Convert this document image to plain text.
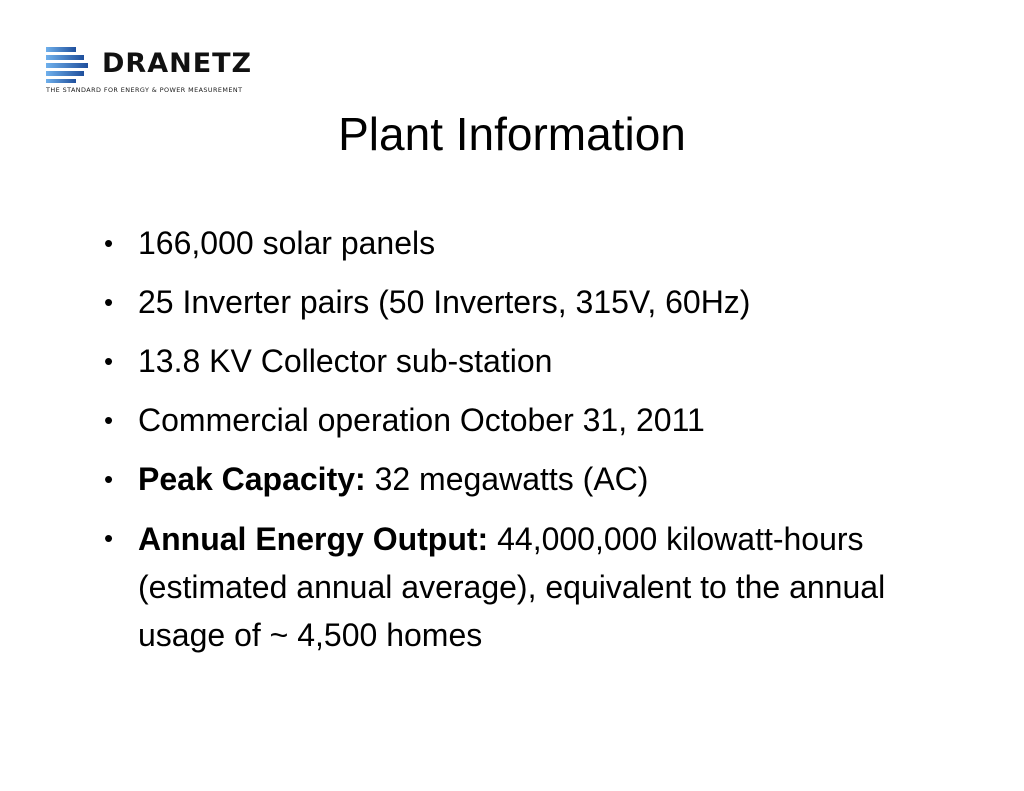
DRANETZ
THE STANDARD FOR ENERGY & POWER MEASUREMENT
Plant Information
• 166,000 solar panels
• 25 Inverter pairs (50 Inverters, 315V, 60Hz)
• 13.8 KV Collector sub-station
• Commercial operation October 31, 2011
• Peak Capacity: 32 megawatts (AC)
• Annual Energy Output: 44,000,000 kilowatt-hours (estimated annual average), equivalent to the annual usage of ~ 4,500 homes
